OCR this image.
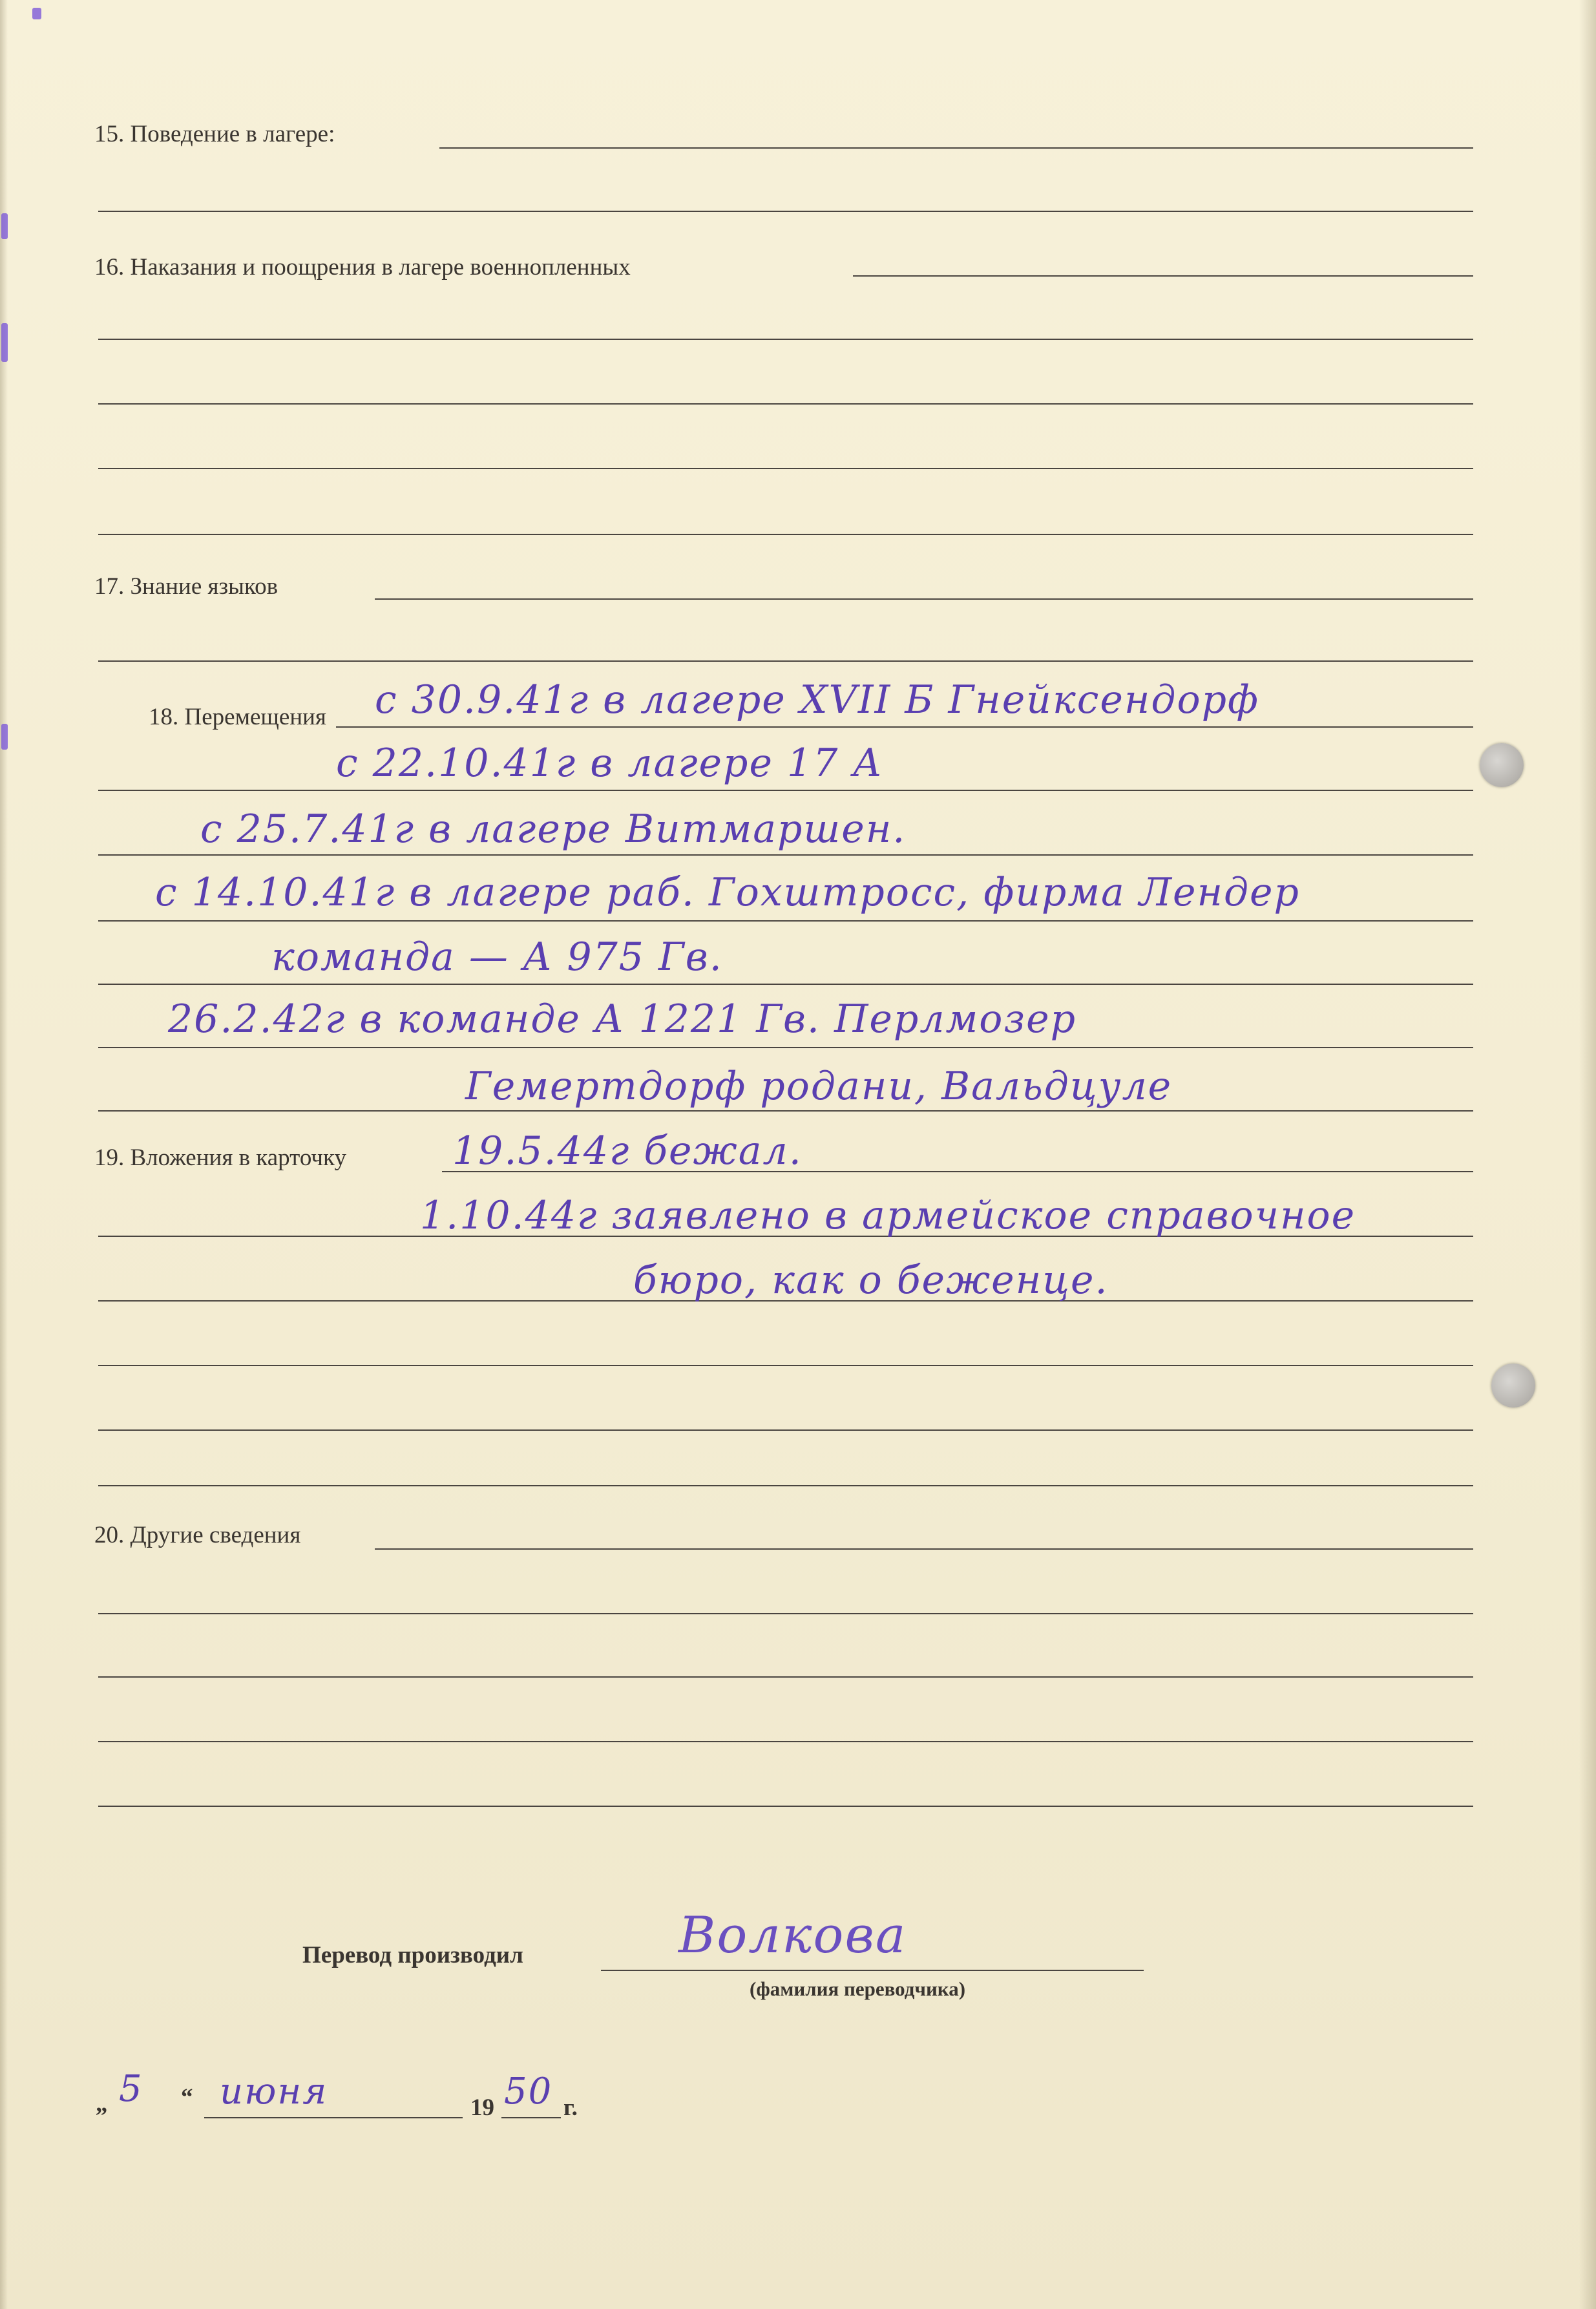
15. Поведение в лагере:
16. Наказания и поощрения в лагере военнопленных
17. Знание языков
18. Перемещения с 30.9.41г в лагере XVII Б Гнейксендорф
с 22.10.41г в лагере 17 А
с 25.7.41г в лагере Витмаршен.
с 14.10.41г в лагере раб. Гохштросс, фирма Лендер
команда — А 975 Гв.
26.2.42г в команде А 1221 Гв. Перлмозер
Гемертдорф родани, Вальдцуле
19. Вложения в карточку	19.5.44г бежал.
1.10.44г заявлено в армейское справочное
бюро, как о беженце.
20. Другие сведения
Перевод производил	Волкова
(фамилия переводчика)
„ 5 “ июня	19 50 г.
